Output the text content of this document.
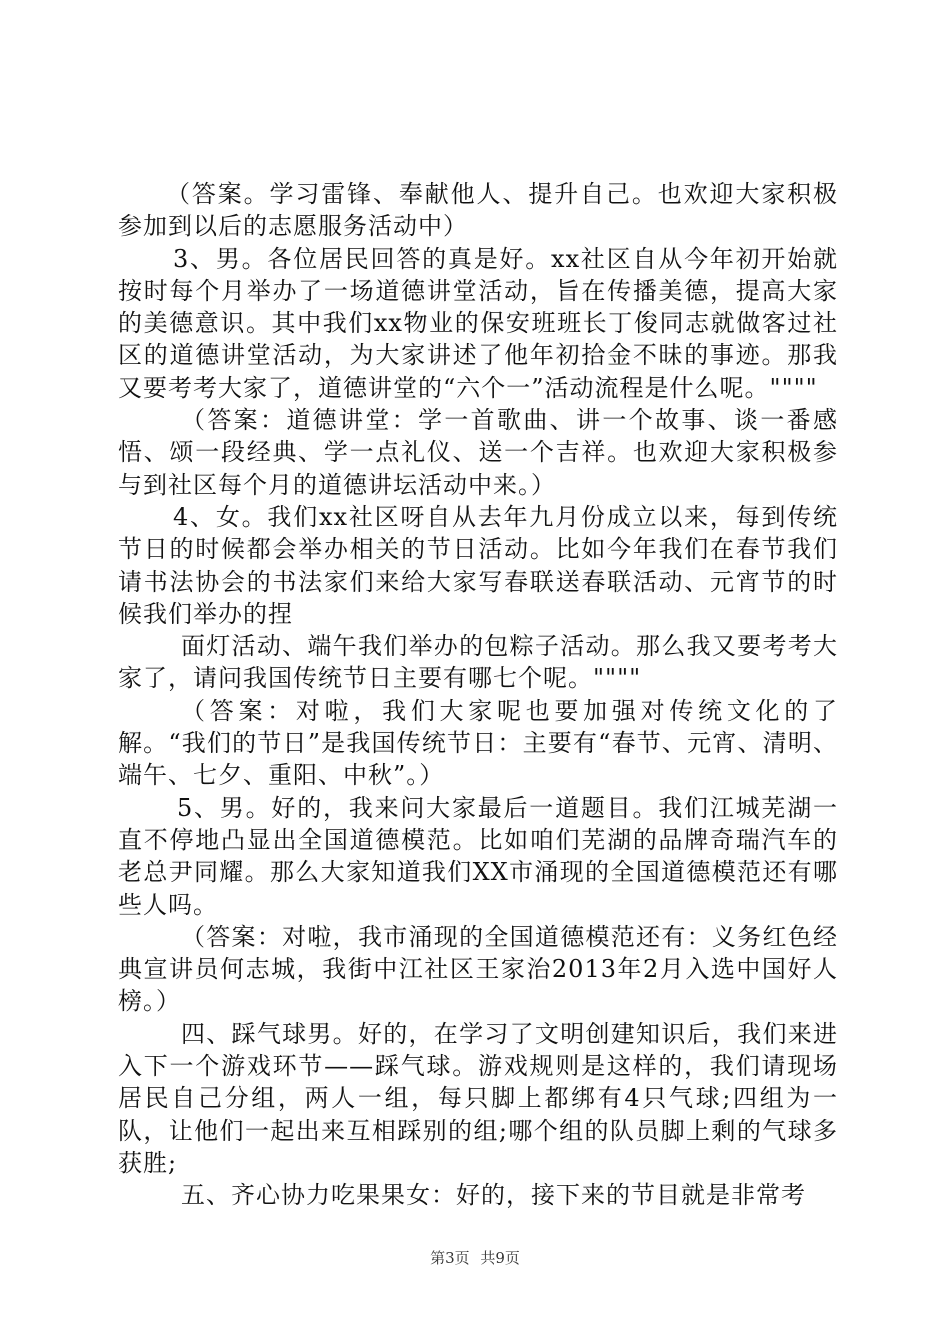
（答案。学习雷锋、奉献他人、提升自己。也欢迎大家积极参加到以后的志愿服务活动中）

3、男。各位居民回答的真是好。xx社区自从今年初开始就按时每个月举办了一场道德讲堂活动，旨在传播美德，提高大家的美德意识。其中我们xx物业的保安班班长丁俊同志就做客过社区的道德讲堂活动，为大家讲述了他年初拾金不昧的事迹。那我又要考考大家了，道德讲堂的“六个一”活动流程是什么呢。""""

（答案：道德讲堂：学一首歌曲、讲一个故事、谈一番感悟、颂一段经典、学一点礼仪、送一个吉祥。也欢迎大家积极参与到社区每个月的道德讲坛活动中来。）

4、女。我们xx社区呀自从去年九月份成立以来，每到传统节日的时候都会举办相关的节日活动。比如今年我们在春节我们请书法协会的书法家们来给大家写春联送春联活动、元宵节的时候我们举办的捏

面灯活动、端午我们举办的包粽子活动。那么我又要考考大家了，请问我国传统节日主要有哪七个呢。""""

（答案：对啦，我们大家呢也要加强对传统文化的了解。“我们的节日”是我国传统节日：主要有“春节、元宵、清明、端午、七夕、重阳、中秋”。）

5、男。好的，我来问大家最后一道题目。我们江城芜湖一直不停地凸显出全国道德模范。比如咱们芜湖的品牌奇瑞汽车的老总尹同耀。那么大家知道我们XX市涌现的全国道德模范还有哪些人吗。

（答案：对啦，我市涌现的全国道德模范还有：义务红色经典宣讲员何志城，我街中江社区王家治2013年2月入选中国好人榜。）

四、踩气球男。好的，在学习了文明创建知识后，我们来进入下一个游戏环节——踩气球。游戏规则是这样的，我们请现场居民自己分组，两人一组，每只脚上都绑有4只气球;四组为一队，让他们一起出来互相踩别的组;哪个组的队员脚上剩的气球多获胜;

五、齐心协力吃果果女：好的，接下来的节目就是非常考

第3页 共9页
